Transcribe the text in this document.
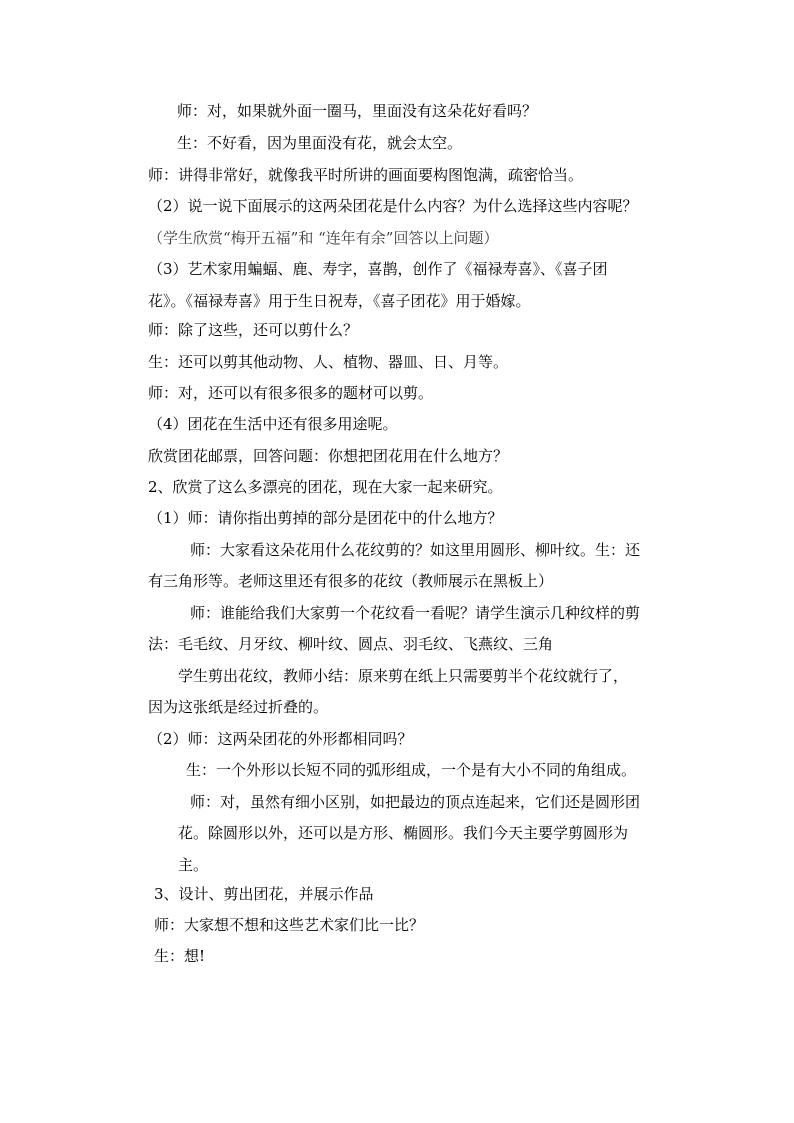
师：对，如果就外面一圈马，里面没有这朵花好看吗？
生：不好看，因为里面没有花，就会太空。
师：讲得非常好，就像我平时所讲的画面要构图饱满，疏密恰当。
（2）说一说下面展示的这两朵团花是什么内容？为什么选择这些内容呢？
（学生欣赏“梅开五福”和 “连年有余”回答以上问题）
（3）艺术家用蝙蝠、鹿、寿字，喜鹊，创作了《福禄寿喜》、《喜子团
花》。《福禄寿喜》用于生日祝寿，《喜子团花》用于婚嫁。
师：除了这些，还可以剪什么？
生：还可以剪其他动物、人、植物、器皿、日、月等。
师：对，还可以有很多很多的题材可以剪。
（4）团花在生活中还有很多用途呢。
欣赏团花邮票，回答问题：你想把团花用在什么地方？
2、欣赏了这么多漂亮的团花，现在大家一起来研究。
（1）师：请你指出剪掉的部分是团花中的什么地方？
师：大家看这朵花用什么花纹剪的？如这里用圆形、柳叶纹。生：还
有三角形等。老师这里还有很多的花纹（教师展示在黑板上）
师：谁能给我们大家剪一个花纹看一看呢？请学生演示几种纹样的剪
法：毛毛纹、月牙纹、柳叶纹、圆点、羽毛纹、飞燕纹、三角
学生剪出花纹，教师小结：原来剪在纸上只需要剪半个花纹就行了，
因为这张纸是经过折叠的。
（2）师：这两朵团花的外形都相同吗？
生：一个外形以长短不同的弧形组成，一个是有大小不同的角组成。
师：对，虽然有细小区别，如把最边的顶点连起来，它们还是圆形团
花。除圆形以外，还可以是方形、椭圆形。我们今天主要学剪圆形为
主。
3、设计、剪出团花，并展示作品
师：大家想不想和这些艺术家们比一比？
生：想!
